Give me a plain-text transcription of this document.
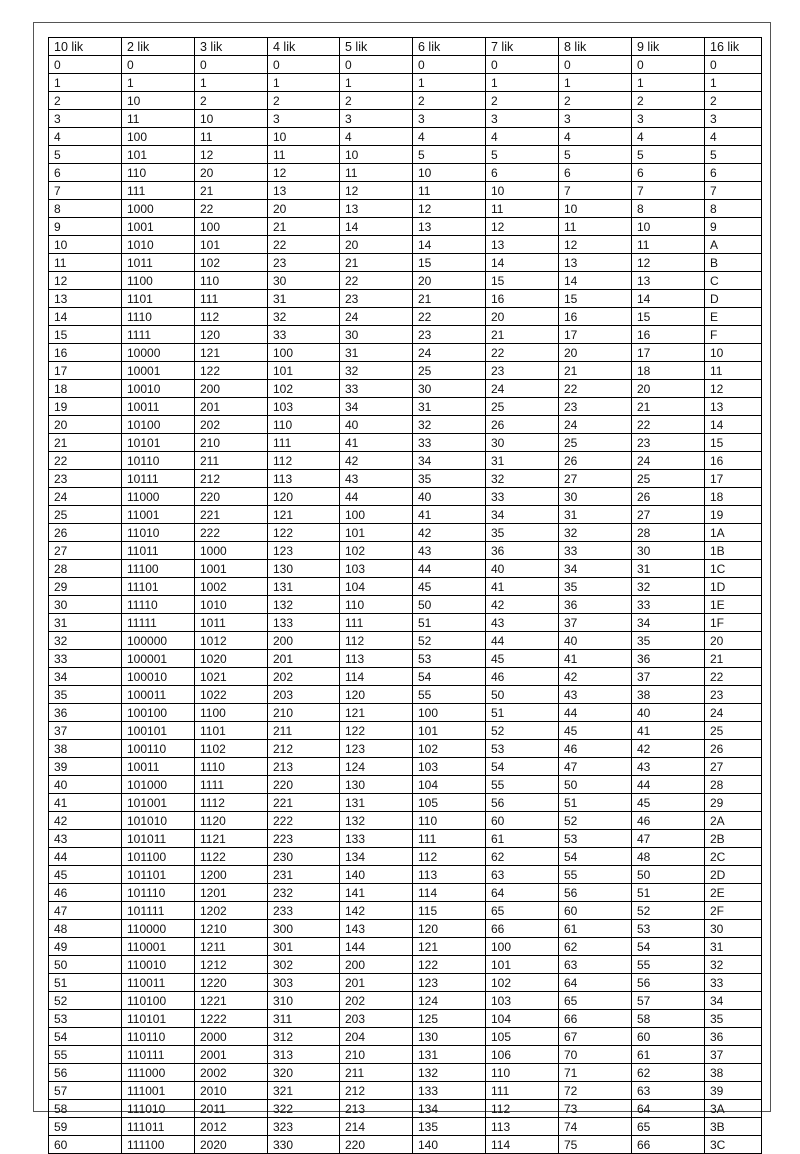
10 lik	2 lik	3 lik	4 lik	5 lik	6 lik	7 lik	8 lik	9 lik	16 lik
0	0	0	0	0	0	0	0	0	0
1	1	1	1	1	1	1	1	1	1
2	10	2	2	2	2	2	2	2	2
3	11	10	3	3	3	3	3	3	3
4	100	11	10	4	4	4	4	4	4
5	101	12	11	10	5	5	5	5	5
6	110	20	12	11	10	6	6	6	6
7	111	21	13	12	11	10	7	7	7
8	1000	22	20	13	12	11	10	8	8
9	1001	100	21	14	13	12	11	10	9
10	1010	101	22	20	14	13	12	11	A
11	1011	102	23	21	15	14	13	12	B
12	1100	110	30	22	20	15	14	13	C
13	1101	111	31	23	21	16	15	14	D
14	1110	112	32	24	22	20	16	15	E
15	1111	120	33	30	23	21	17	16	F
16	10000	121	100	31	24	22	20	17	10
17	10001	122	101	32	25	23	21	18	11
18	10010	200	102	33	30	24	22	20	12
19	10011	201	103	34	31	25	23	21	13
20	10100	202	110	40	32	26	24	22	14
21	10101	210	111	41	33	30	25	23	15
22	10110	211	112	42	34	31	26	24	16
23	10111	212	113	43	35	32	27	25	17
24	11000	220	120	44	40	33	30	26	18
25	11001	221	121	100	41	34	31	27	19
26	11010	222	122	101	42	35	32	28	1A
27	11011	1000	123	102	43	36	33	30	1B
28	11100	1001	130	103	44	40	34	31	1C
29	11101	1002	131	104	45	41	35	32	1D
30	11110	1010	132	110	50	42	36	33	1E
31	11111	1011	133	111	51	43	37	34	1F
32	100000	1012	200	112	52	44	40	35	20
33	100001	1020	201	113	53	45	41	36	21
34	100010	1021	202	114	54	46	42	37	22
35	100011	1022	203	120	55	50	43	38	23
36	100100	1100	210	121	100	51	44	40	24
37	100101	1101	211	122	101	52	45	41	25
38	100110	1102	212	123	102	53	46	42	26
39	10011	1110	213	124	103	54	47	43	27
40	101000	1111	220	130	104	55	50	44	28
41	101001	1112	221	131	105	56	51	45	29
42	101010	1120	222	132	110	60	52	46	2A
43	101011	1121	223	133	111	61	53	47	2B
44	101100	1122	230	134	112	62	54	48	2C
45	101101	1200	231	140	113	63	55	50	2D
46	101110	1201	232	141	114	64	56	51	2E
47	101111	1202	233	142	115	65	60	52	2F
48	110000	1210	300	143	120	66	61	53	30
49	110001	1211	301	144	121	100	62	54	31
50	110010	1212	302	200	122	101	63	55	32
51	110011	1220	303	201	123	102	64	56	33
52	110100	1221	310	202	124	103	65	57	34
53	110101	1222	311	203	125	104	66	58	35
54	110110	2000	312	204	130	105	67	60	36
55	110111	2001	313	210	131	106	70	61	37
56	111000	2002	320	211	132	110	71	62	38
57	111001	2010	321	212	133	111	72	63	39
58	111010	2011	322	213	134	112	73	64	3A
59	111011	2012	323	214	135	113	74	65	3B
60	111100	2020	330	220	140	114	75	66	3C
